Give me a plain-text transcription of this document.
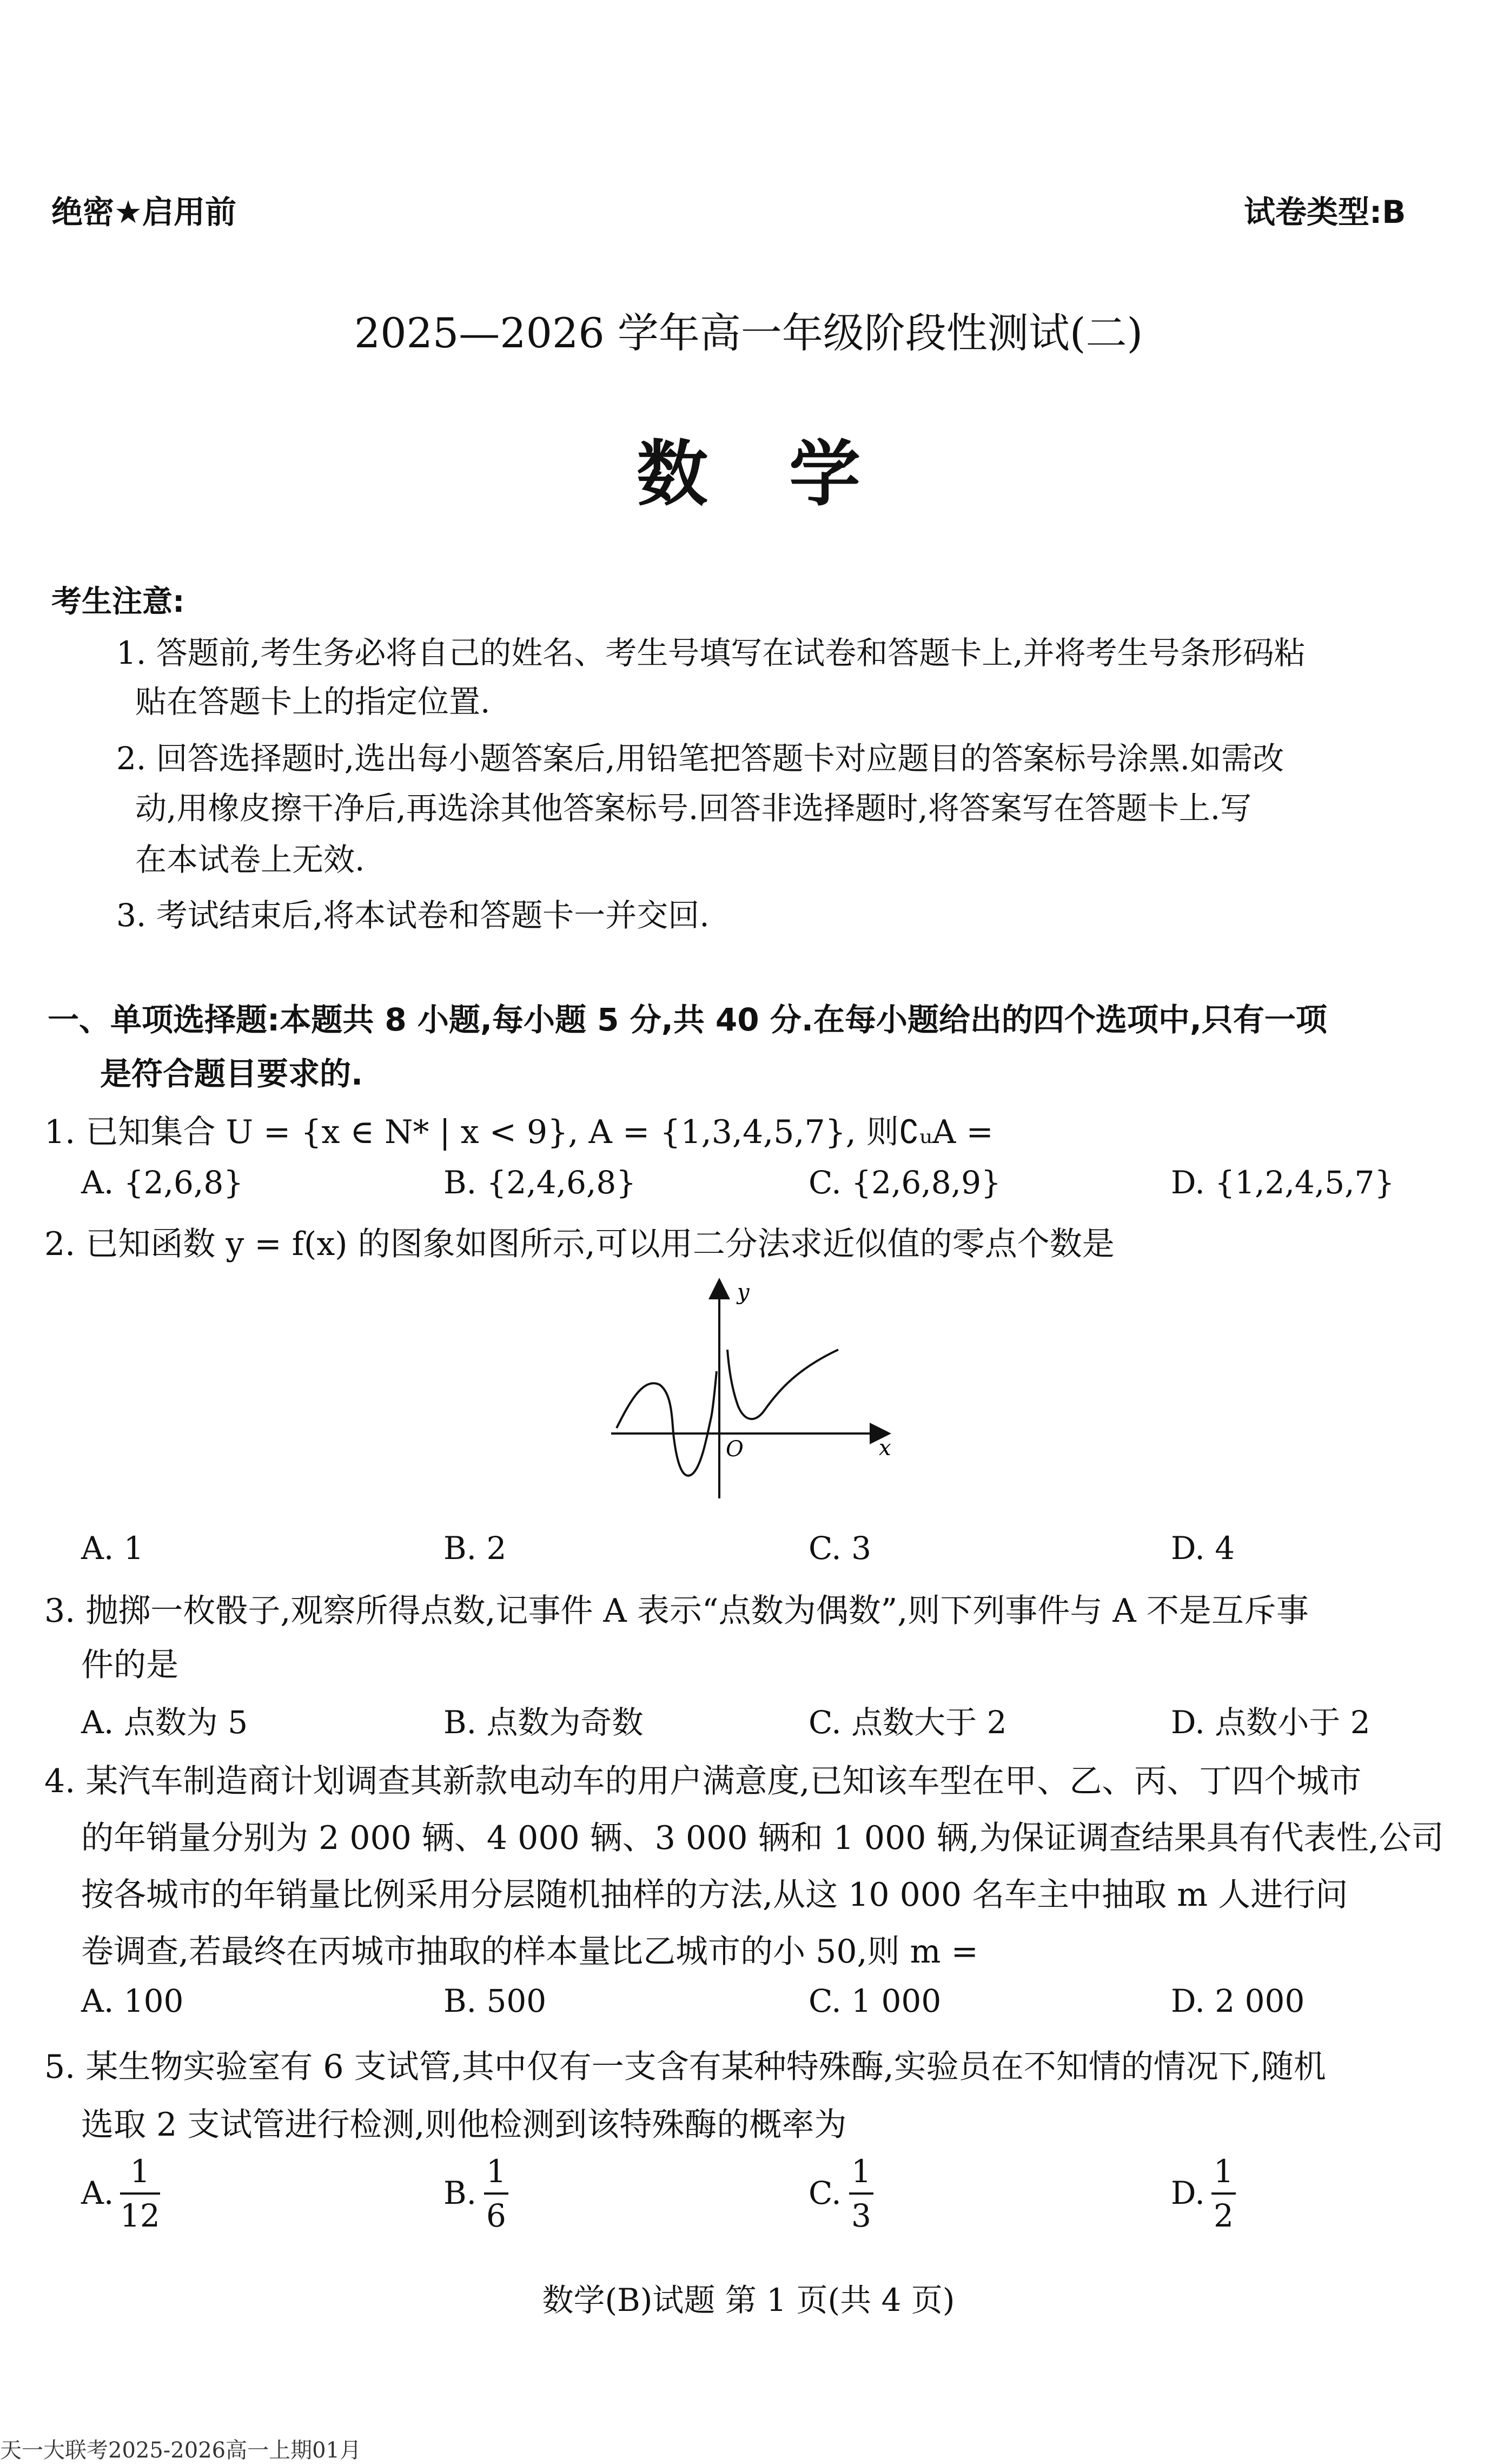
绝密★启用前	试卷类型:B
2025—2026 学年高一年级阶段性测试(二)
数学
考生注意:
1. 答题前,考生务必将自己的姓名、考生号填写在试卷和答题卡上,并将考生号条形码粘
贴在答题卡上的指定位置.
2. 回答选择题时,选出每小题答案后,用铅笔把答题卡对应题目的答案标号涂黑.如需改
动,用橡皮擦干净后,再选涂其他答案标号.回答非选择题时,将答案写在答题卡上.写
在本试卷上无效.
3. 考试结束后,将本试卷和答题卡一并交回.
一、单项选择题:本题共 8 小题,每小题 5 分,共 40 分.在每小题给出的四个选项中,只有一项
是符合题目要求的.
1. 已知集合 U = {x ∈ N* | x < 9}, A = {1,3,4,5,7}, 则∁ᵤA =
A. {2,6,8}	B. {2,4,6,8}	C. {2,6,8,9}	D. {1,2,4,5,7}
2. 已知函数 y = f(x) 的图象如图所示,可以用二分法求近似值的零点个数是
y
x
O
A. 1	B. 2	C. 3	D. 4
3. 抛掷一枚骰子,观察所得点数,记事件 A 表示“点数为偶数”,则下列事件与 A 不是互斥事
件的是
A. 点数为 5	B. 点数为奇数	C. 点数大于 2	D. 点数小于 2
4. 某汽车制造商计划调查其新款电动车的用户满意度,已知该车型在甲、乙、丙、丁四个城市
的年销量分别为 2 000 辆、4 000 辆、3 000 辆和 1 000 辆,为保证调查结果具有代表性,公司
按各城市的年销量比例采用分层随机抽样的方法,从这 10 000 名车主中抽取 m 人进行问
卷调查,若最终在丙城市抽取的样本量比乙城市的小 50,则 m =
A. 100	B. 500	C. 1 000	D. 2 000
5. 某生物实验室有 6 支试管,其中仅有一支含有某种特殊酶,实验员在不知情的情况下,随机
选取 2 支试管进行检测,则他检测到该特殊酶的概率为
A. $\frac{1}{12}$	B. $\frac{1}{6}$	C. $\frac{1}{3}$	D. $\frac{1}{2}$
数学(B)试题 第 1 页(共 4 页)
天一大联考2025-2026高一上期01月
